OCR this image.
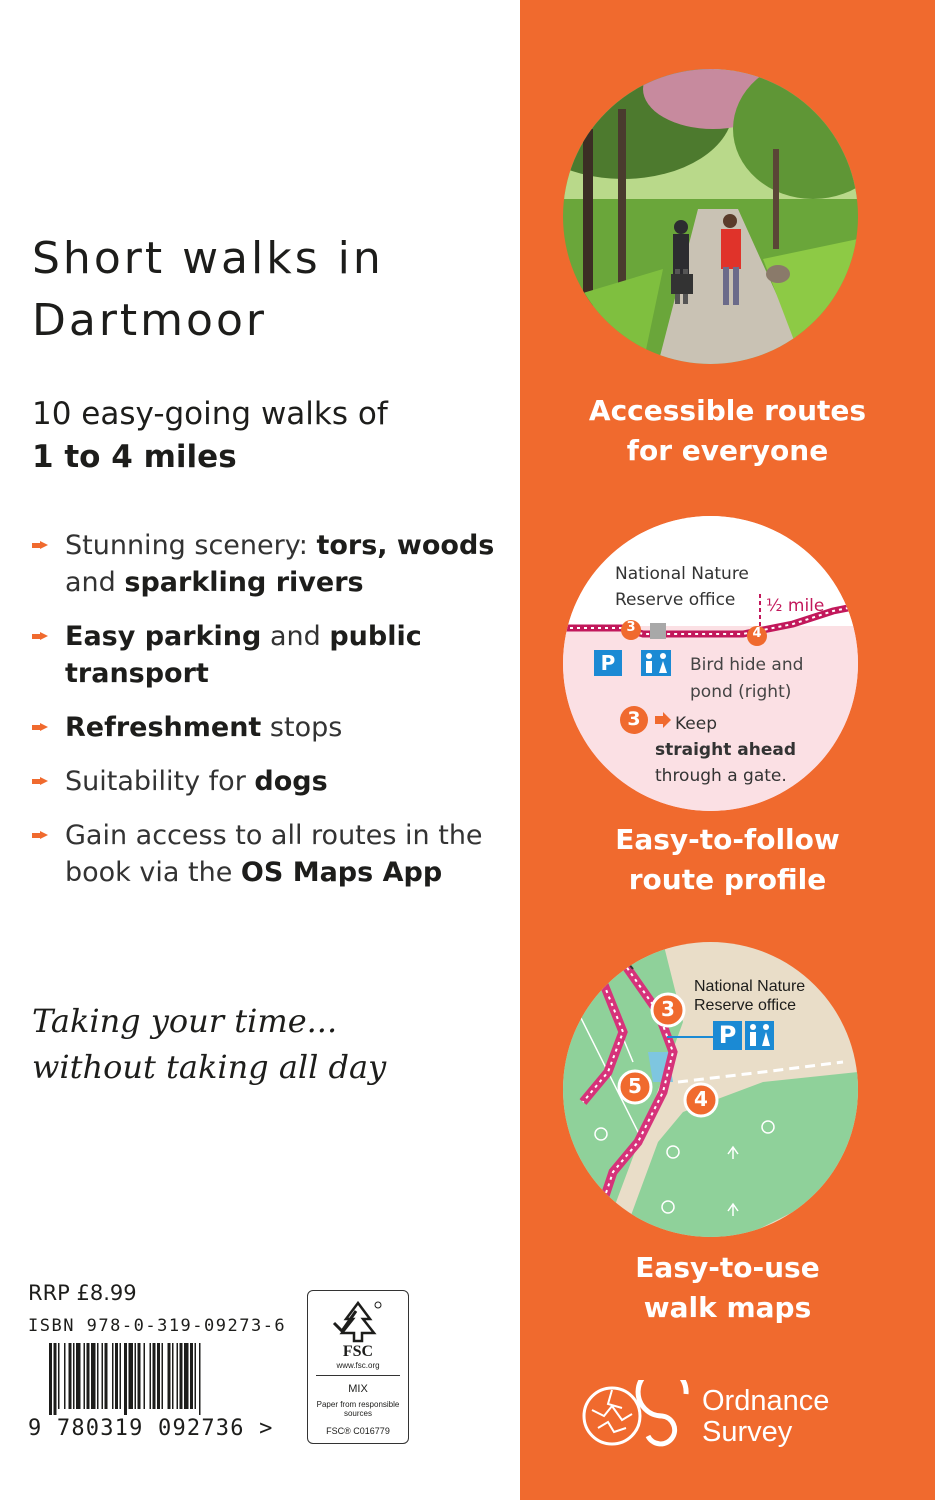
Short walks in
Dartmoor
10 easy-going walks of
1 to 4 miles
Stunning scenery: tors, woods and sparkling rivers
Easy parking and public transport
Refreshment stops
Suitability for dogs
Gain access to all routes in the book via the OS Maps App
Taking your time...
without taking all day
RRP £8.99
ISBN 978-0-319-09273-6
9 780319 092736 >
FSC
www.fsc.org
MIX
Paper from responsible sources
FSC® C016779
Accessible routes
for everyone
National Nature
Reserve office	½ mile
3	4
P	Bird hide and
pond (right)
3	Keep
straight ahead
through a gate.
Easy-to-follow
route profile
National Nature
Reserve office
P
3
5
4
Easy-to-use
walk maps
Ordnance
Survey
